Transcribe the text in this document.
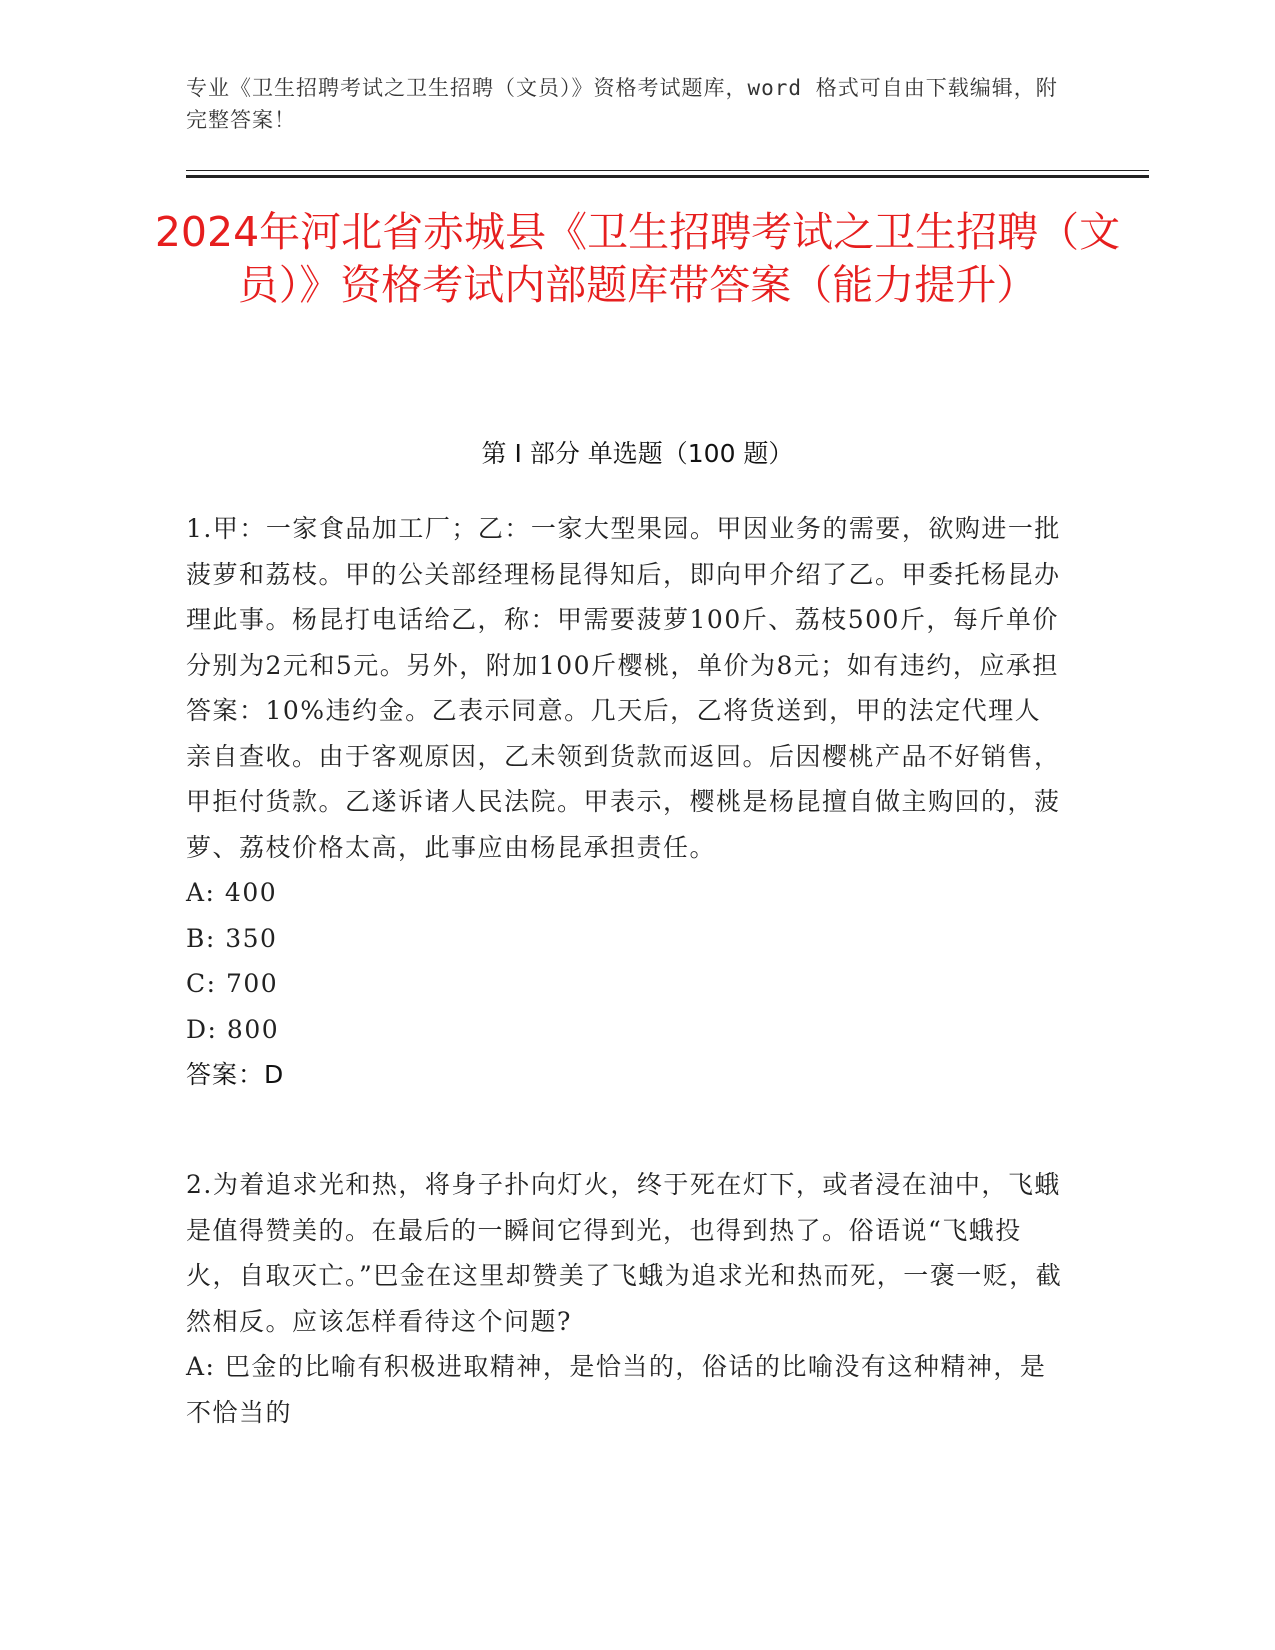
专业《卫生招聘考试之卫生招聘（文员）》资格考试题库，word 格式可自由下载编辑，附完整答案！
2024年河北省赤城县《卫生招聘考试之卫生招聘（文员）》资格考试内部题库带答案（能力提升）
第 I 部分 单选题（100 题）
1.甲：一家食品加工厂；乙：一家大型果园。甲因业务的需要，欲购进一批菠萝和荔枝。甲的公关部经理杨昆得知后，即向甲介绍了乙。甲委托杨昆办理此事。杨昆打电话给乙，称：甲需要菠萝100斤、荔枝500斤，每斤单价分别为2元和5元。另外，附加100斤樱桃，单价为8元；如有违约，应承担答案：10%违约金。乙表示同意。几天后，乙将货送到，甲的法定代理人亲自查收。由于客观原因，乙未领到货款而返回。后因樱桃产品不好销售，甲拒付货款。乙遂诉诸人民法院。甲表示，樱桃是杨昆擅自做主购回的，菠萝、荔枝价格太高，此事应由杨昆承担责任。
A: 400
B: 350
C: 700
D: 800
答案：D
2.为着追求光和热，将身子扑向灯火，终于死在灯下，或者浸在油中，飞蛾是值得赞美的。在最后的一瞬间它得到光，也得到热了。俗语说“飞蛾投火，自取灭亡。”巴金在这里却赞美了飞蛾为追求光和热而死，一褒一贬，截然相反。应该怎样看待这个问题?
A: 巴金的比喻有积极进取精神，是恰当的，俗话的比喻没有这种精神，是不恰当的
